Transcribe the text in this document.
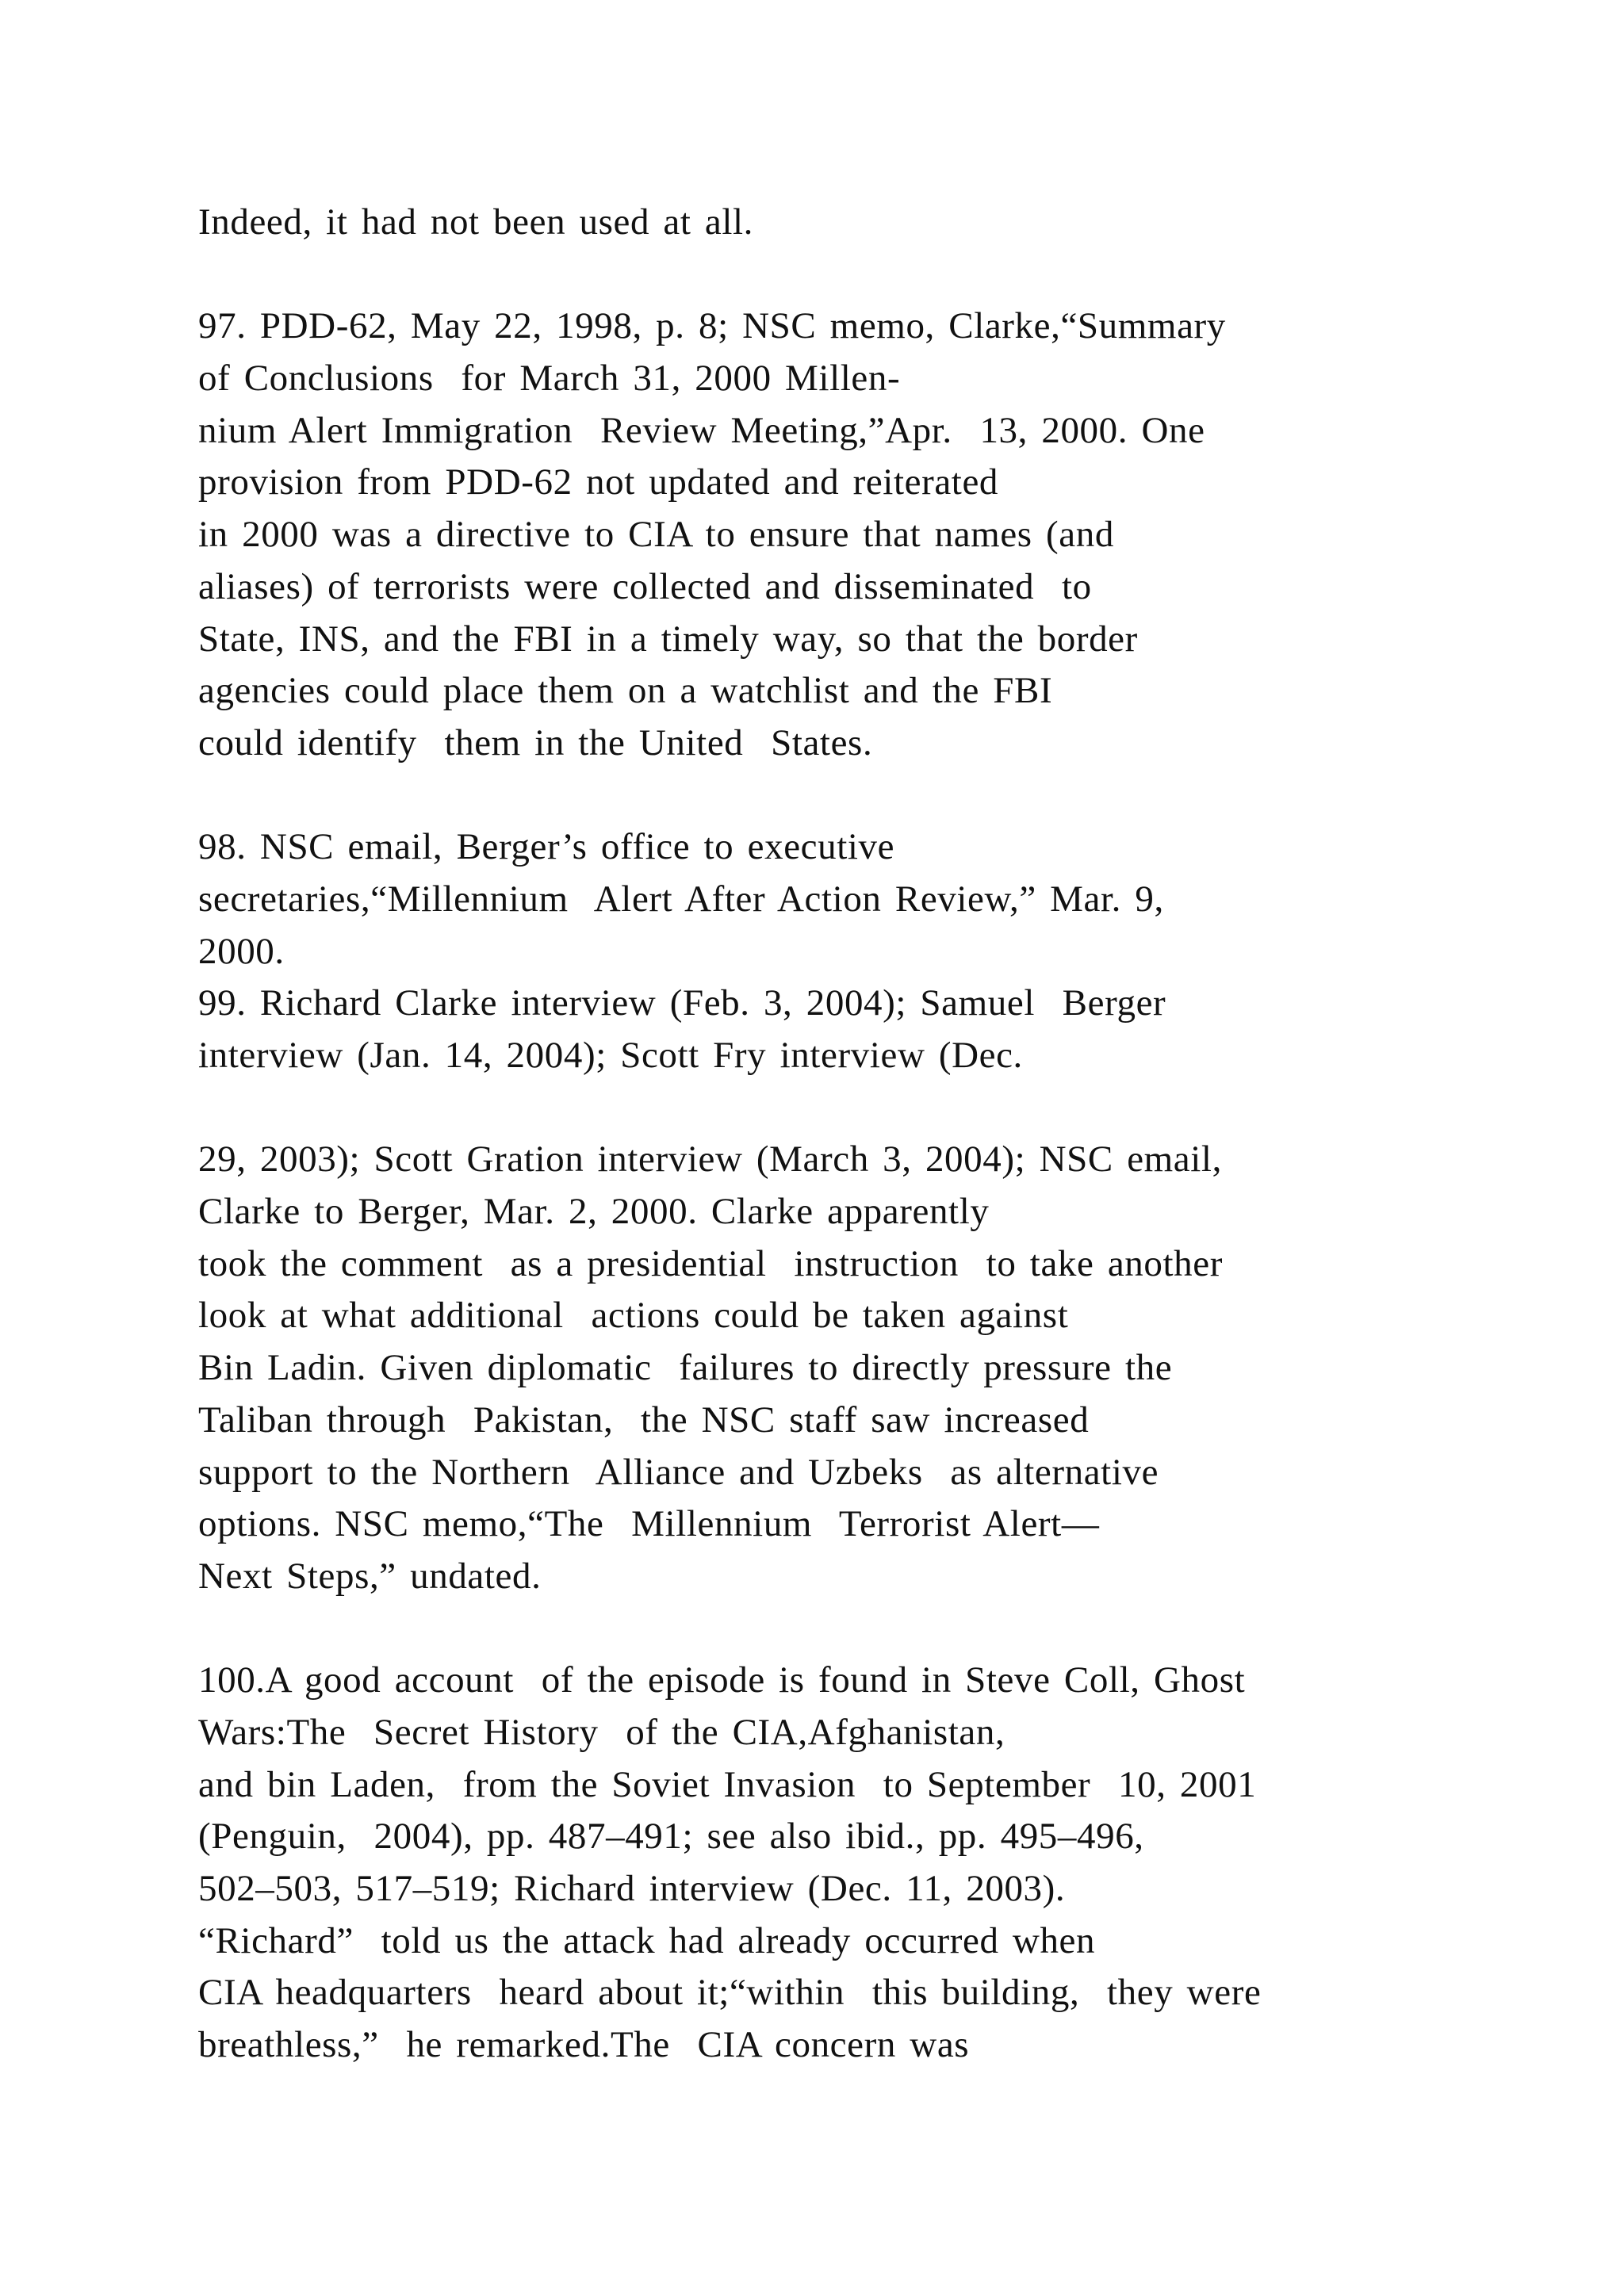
Indeed, it had not been used at all.
97. PDD-62, May 22, 1998, p. 8; NSC memo, Clarke,“Summary
of Conclusions  for March 31, 2000 Millen-
nium Alert Immigration  Review Meeting,”Apr.  13, 2000. One
provision from PDD-62 not updated and reiterated
in 2000 was a directive to CIA to ensure that names (and
aliases) of terrorists were collected and disseminated  to
State, INS, and the FBI in a timely way, so that the border
agencies could place them on a watchlist and the FBI
could identify  them in the United  States.
98. NSC email, Berger’s office to executive
secretaries,“Millennium  Alert After Action Review,” Mar. 9,
2000.
99. Richard Clarke interview (Feb. 3, 2004); Samuel  Berger
interview (Jan. 14, 2004); Scott Fry interview (Dec.
29, 2003); Scott Gration interview (March 3, 2004); NSC email,
Clarke to Berger, Mar. 2, 2000. Clarke apparently
took the comment  as a presidential  instruction  to take another
look at what additional  actions could be taken against
Bin Ladin. Given diplomatic  failures to directly pressure the
Taliban through  Pakistan,  the NSC staff saw increased
support to the Northern  Alliance and Uzbeks  as alternative
options. NSC memo,“The  Millennium  Terrorist Alert—
Next Steps,” undated.
100.A good account  of the episode is found in Steve Coll, Ghost
Wars:The  Secret History  of the CIA,Afghanistan,
and bin Laden,  from the Soviet Invasion  to September  10, 2001
(Penguin,  2004), pp. 487–491; see also ibid., pp. 495–496,
502–503, 517–519; Richard interview (Dec. 11, 2003).
“Richard”  told us the attack had already occurred when
CIA headquarters  heard about it;“within  this building,  they were
breathless,”  he remarked.The  CIA concern was
